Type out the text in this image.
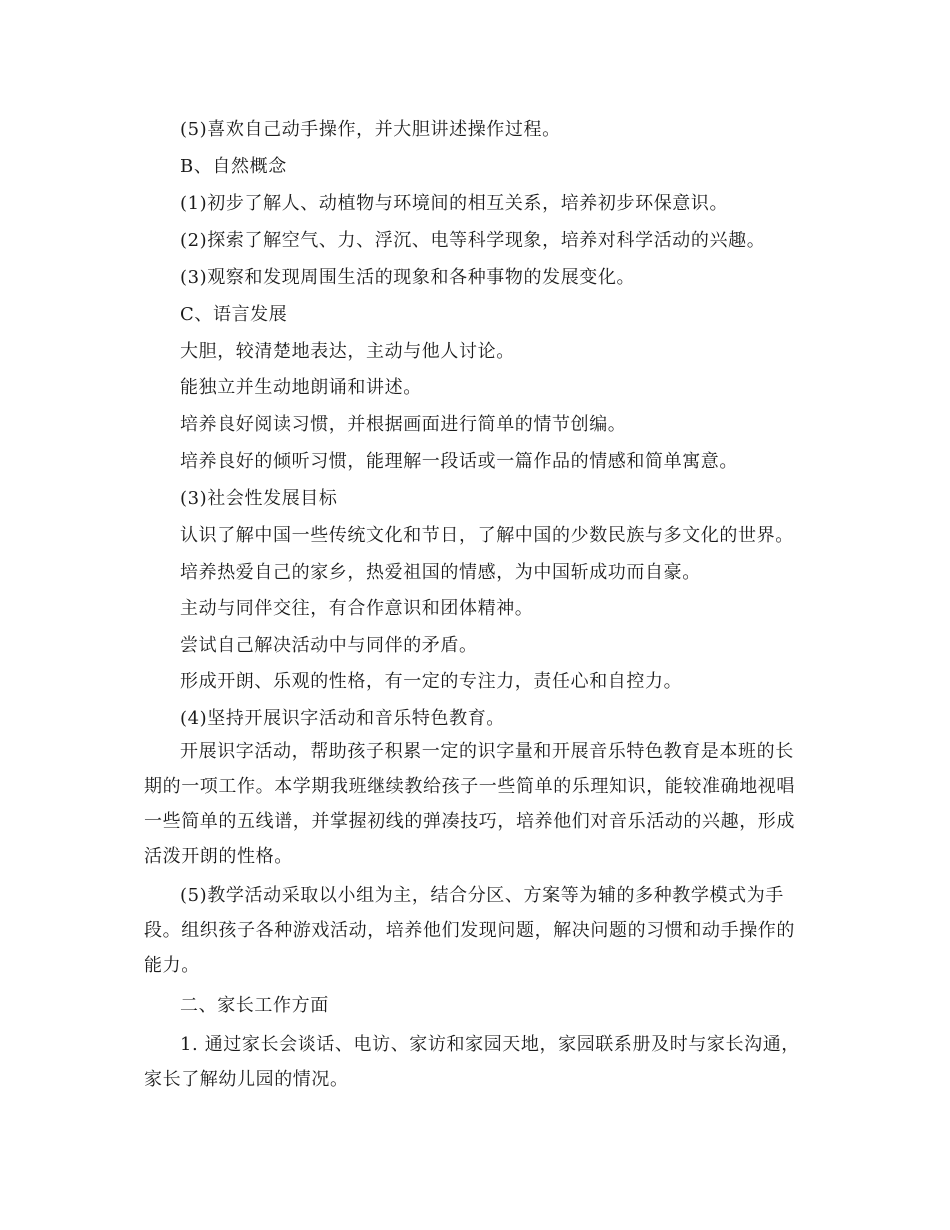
(5)喜欢自己动手操作，并大胆讲述操作过程。
B、自然概念
(1)初步了解人、动植物与环境间的相互关系，培养初步环保意识。
(2)探索了解空气、力、浮沉、电等科学现象，培养对科学活动的兴趣。
(3)观察和发现周围生活的现象和各种事物的发展变化。
C、语言发展
大胆，较清楚地表达，主动与他人讨论。
能独立并生动地朗诵和讲述。
培养良好阅读习惯，并根据画面进行简单的情节创编。
培养良好的倾听习惯，能理解一段话或一篇作品的情感和简单寓意。
(3)社会性发展目标
认识了解中国一些传统文化和节日，了解中国的少数民族与多文化的世界。
培养热爱自己的家乡，热爱祖国的情感，为中国斩成功而自豪。
主动与同伴交往，有合作意识和团体精神。
尝试自己解决活动中与同伴的矛盾。
形成开朗、乐观的性格，有一定的专注力，责任心和自控力。
(4)坚持开展识字活动和音乐特色教育。
开展识字活动，帮助孩子积累一定的识字量和开展音乐特色教育是本班的长
期的一项工作。本学期我班继续教给孩子一些简单的乐理知识，能较准确地视唱
一些简单的五线谱，并掌握初线的弹凑技巧，培养他们对音乐活动的兴趣，形成
活泼开朗的性格。
(5)教学活动采取以小组为主，结合分区、方案等为辅的多种教学模式为手
段。组织孩子各种游戏活动，培养他们发现问题，解决问题的习惯和动手操作的
能力。
二、家长工作方面
1. 通过家长会谈话、电访、家访和家园天地，家园联系册及时与家长沟通，
家长了解幼儿园的情况。
